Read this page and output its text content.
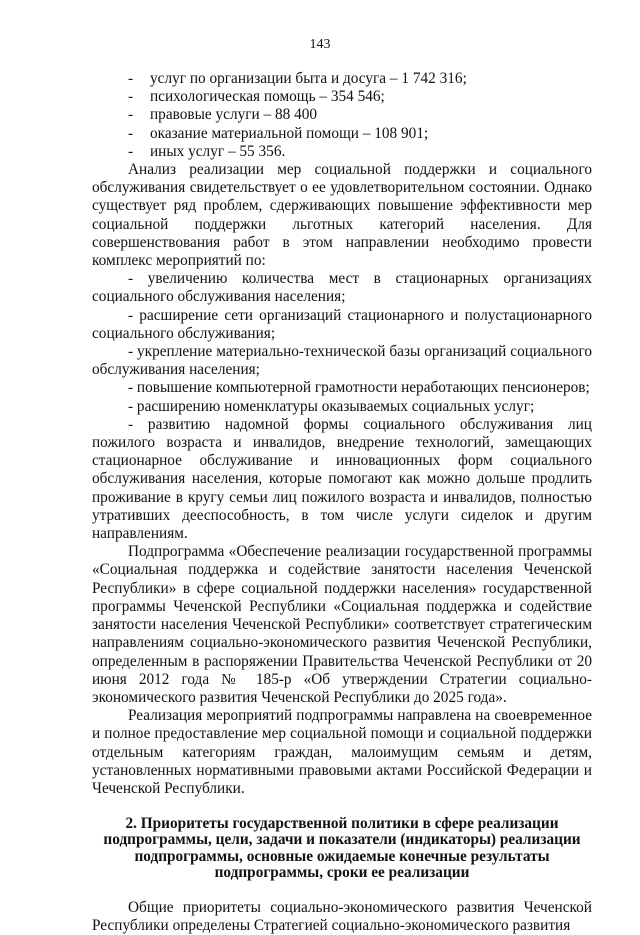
143
-	услуг по организации быта и досуга – 1 742 316;
-	психологическая помощь – 354 546;
-	правовые услуги – 88 400
-	оказание материальной помощи – 108 901;
-	иных услуг – 55 356.

Анализ реализации мер социальной поддержки и социального обслуживания свидетельствует о ее удовлетворительном состоянии. Однако существует ряд проблем, сдерживающих повышение эффективности мер социальной поддержки льготных категорий населения. Для совершенствования работ в этом направлении необходимо провести комплекс мероприятий по:

- увеличению количества мест в стационарных организациях социального обслуживания населения;

- расширение сети организаций стационарного и полустационарного социального обслуживания;

- укрепление материально-технической базы организаций социального обслуживания населения;

- повышение компьютерной грамотности неработающих пенсионеров;

- расширению номенклатуры оказываемых социальных услуг;

- развитию надомной формы социального обслуживания лиц пожилого возраста и инвалидов, внедрение технологий, замещающих стационарное обслуживание и инновационных форм социального обслуживания населения, которые помогают как можно дольше продлить проживание в кругу семьи лиц пожилого возраста и инвалидов, полностью утративших дееспособность, в том числе услуги сиделок и другим направлениям.

Подпрограмма «Обеспечение реализации государственной программы «Социальная поддержка и содействие занятости населения Чеченской Республики» в сфере социальной поддержки населения» государственной программы Чеченской Республики «Социальная поддержка и содействие занятости населения Чеченской Республики» соответствует стратегическим направлениям социально-экономического развития Чеченской Республики, определенным в распоряжении Правительства Чеченской Республики от 20 июня 2012 года № 185-р «Об утверждении Стратегии социально-экономического развития Чеченской Республики до 2025 года».

Реализация мероприятий подпрограммы направлена на своевременное и полное предоставление мер социальной помощи и социальной поддержки отдельным категориям граждан, малоимущим семьям и детям, установленных нормативными правовыми актами Российской Федерации и Чеченской Республики.

2. Приоритеты государственной политики в сфере реализации подпрограммы, цели, задачи и показатели (индикаторы) реализации подпрограммы, основные ожидаемые конечные результаты подпрограммы, сроки ее реализации

Общие приоритеты социально-экономического развития Чеченской Республики определены Стратегией социально-экономического развития
